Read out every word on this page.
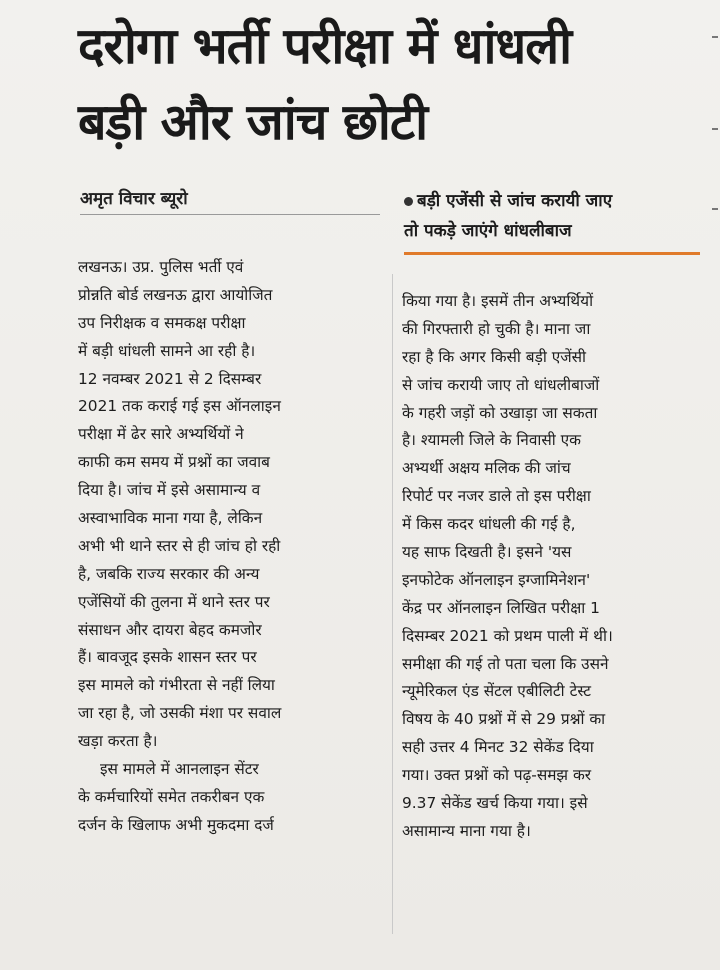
दरोगा भर्ती परीक्षा में धांधली
बड़ी और जांच छोटी
अमृत विचार ब्यूरो	बड़ी एजेंसी से जांच करायी जाए
तो पकड़े जाएंगे धांधलीबाज
लखनऊ। उप्र. पुलिस भर्ती एवं
प्रोन्नति बोर्ड लखनऊ द्वारा आयोजित
उप निरीक्षक व समकक्ष परीक्षा
में बड़ी धांधली सामने आ रही है।
12 नवम्बर 2021 से 2 दिसम्बर
2021 तक कराई गई इस ऑनलाइन
परीक्षा में ढेर सारे अभ्यर्थियों ने
काफी कम समय में प्रश्नों का जवाब
दिया है। जांच में इसे असामान्य व
अस्वाभाविक माना गया है, लेकिन
अभी भी थाने स्तर से ही जांच हो रही
है, जबकि राज्य सरकार की अन्य
एजेंसियों की तुलना में थाने स्तर पर
संसाधन और दायरा बेहद कमजोर
हैं। बावजूद इसके शासन स्तर पर
इस मामले को गंभीरता से नहीं लिया
जा रहा है, जो उसकी मंशा पर सवाल
खड़ा करता है।
इस मामले में आनलाइन सेंटर
के कर्मचारियों समेत तकरीबन एक
दर्जन के खिलाफ अभी मुकदमा दर्ज
किया गया है। इसमें तीन अभ्यर्थियों
की गिरफ्तारी हो चुकी है। माना जा
रहा है कि अगर किसी बड़ी एजेंसी
से जांच करायी जाए तो धांधलीबाजों
के गहरी जड़ों को उखाड़ा जा सकता
है। श्यामली जिले के निवासी एक
अभ्यर्थी अक्षय मलिक की जांच
रिपोर्ट पर नजर डाले तो इस परीक्षा
में किस कदर धांधली की गई है,
यह साफ दिखती है। इसने 'यस
इनफोटेक ऑनलाइन इग्जामिनेशन'
केंद्र पर ऑनलाइन लिखित परीक्षा 1
दिसम्बर 2021 को प्रथम पाली में थी।
समीक्षा की गई तो पता चला कि उसने
न्यूमेरिकल एंड सेंटल एबीलिटी टेस्ट
विषय के 40 प्रश्नों में से 29 प्रश्नों का
सही उत्तर 4 मिनट 32 सेकेंड दिया
गया। उक्त प्रश्नों को पढ़-समझ कर
9.37 सेकेंड खर्च किया गया। इसे
असामान्य माना गया है।
